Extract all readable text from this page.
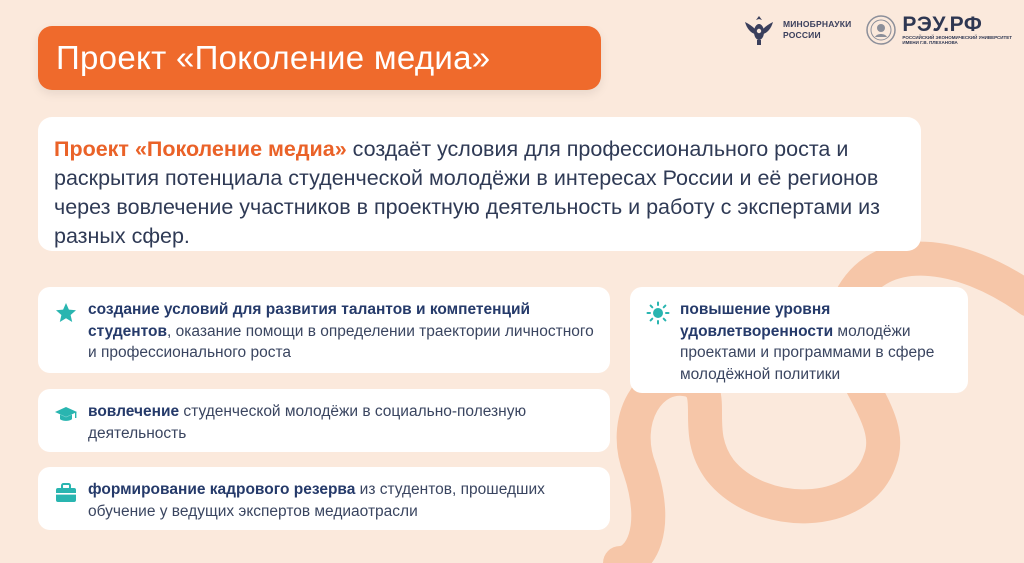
Проект «Поколение медиа»
МИНОБРНАУКИ
РОССИИ	РЭУ.РФ
РОССИЙСКИЙ ЭКОНОМИЧЕСКИЙ УНИВЕРСИТЕТ
ИМЕНИ Г.В. ПЛЕХАНОВА

Проект «Поколение медиа» создаёт условия для профессионального роста и раскрытия потенциала студенческой молодёжи в интересах России и её регионов через вовлечение участников в проектную деятельность и работу с экспертами из разных сфер.

создание условий для развития талантов и компетенций студентов, оказание помощи в определении траектории личностного и профессионального роста

вовлечение студенческой молодёжи в социально-полезную деятельность

формирование кадрового резерва из студентов, прошедших обучение у ведущих экспертов медиаотрасли

повышение уровня удовлетворенности молодёжи проектами и программами в сфере молодёжной политики
